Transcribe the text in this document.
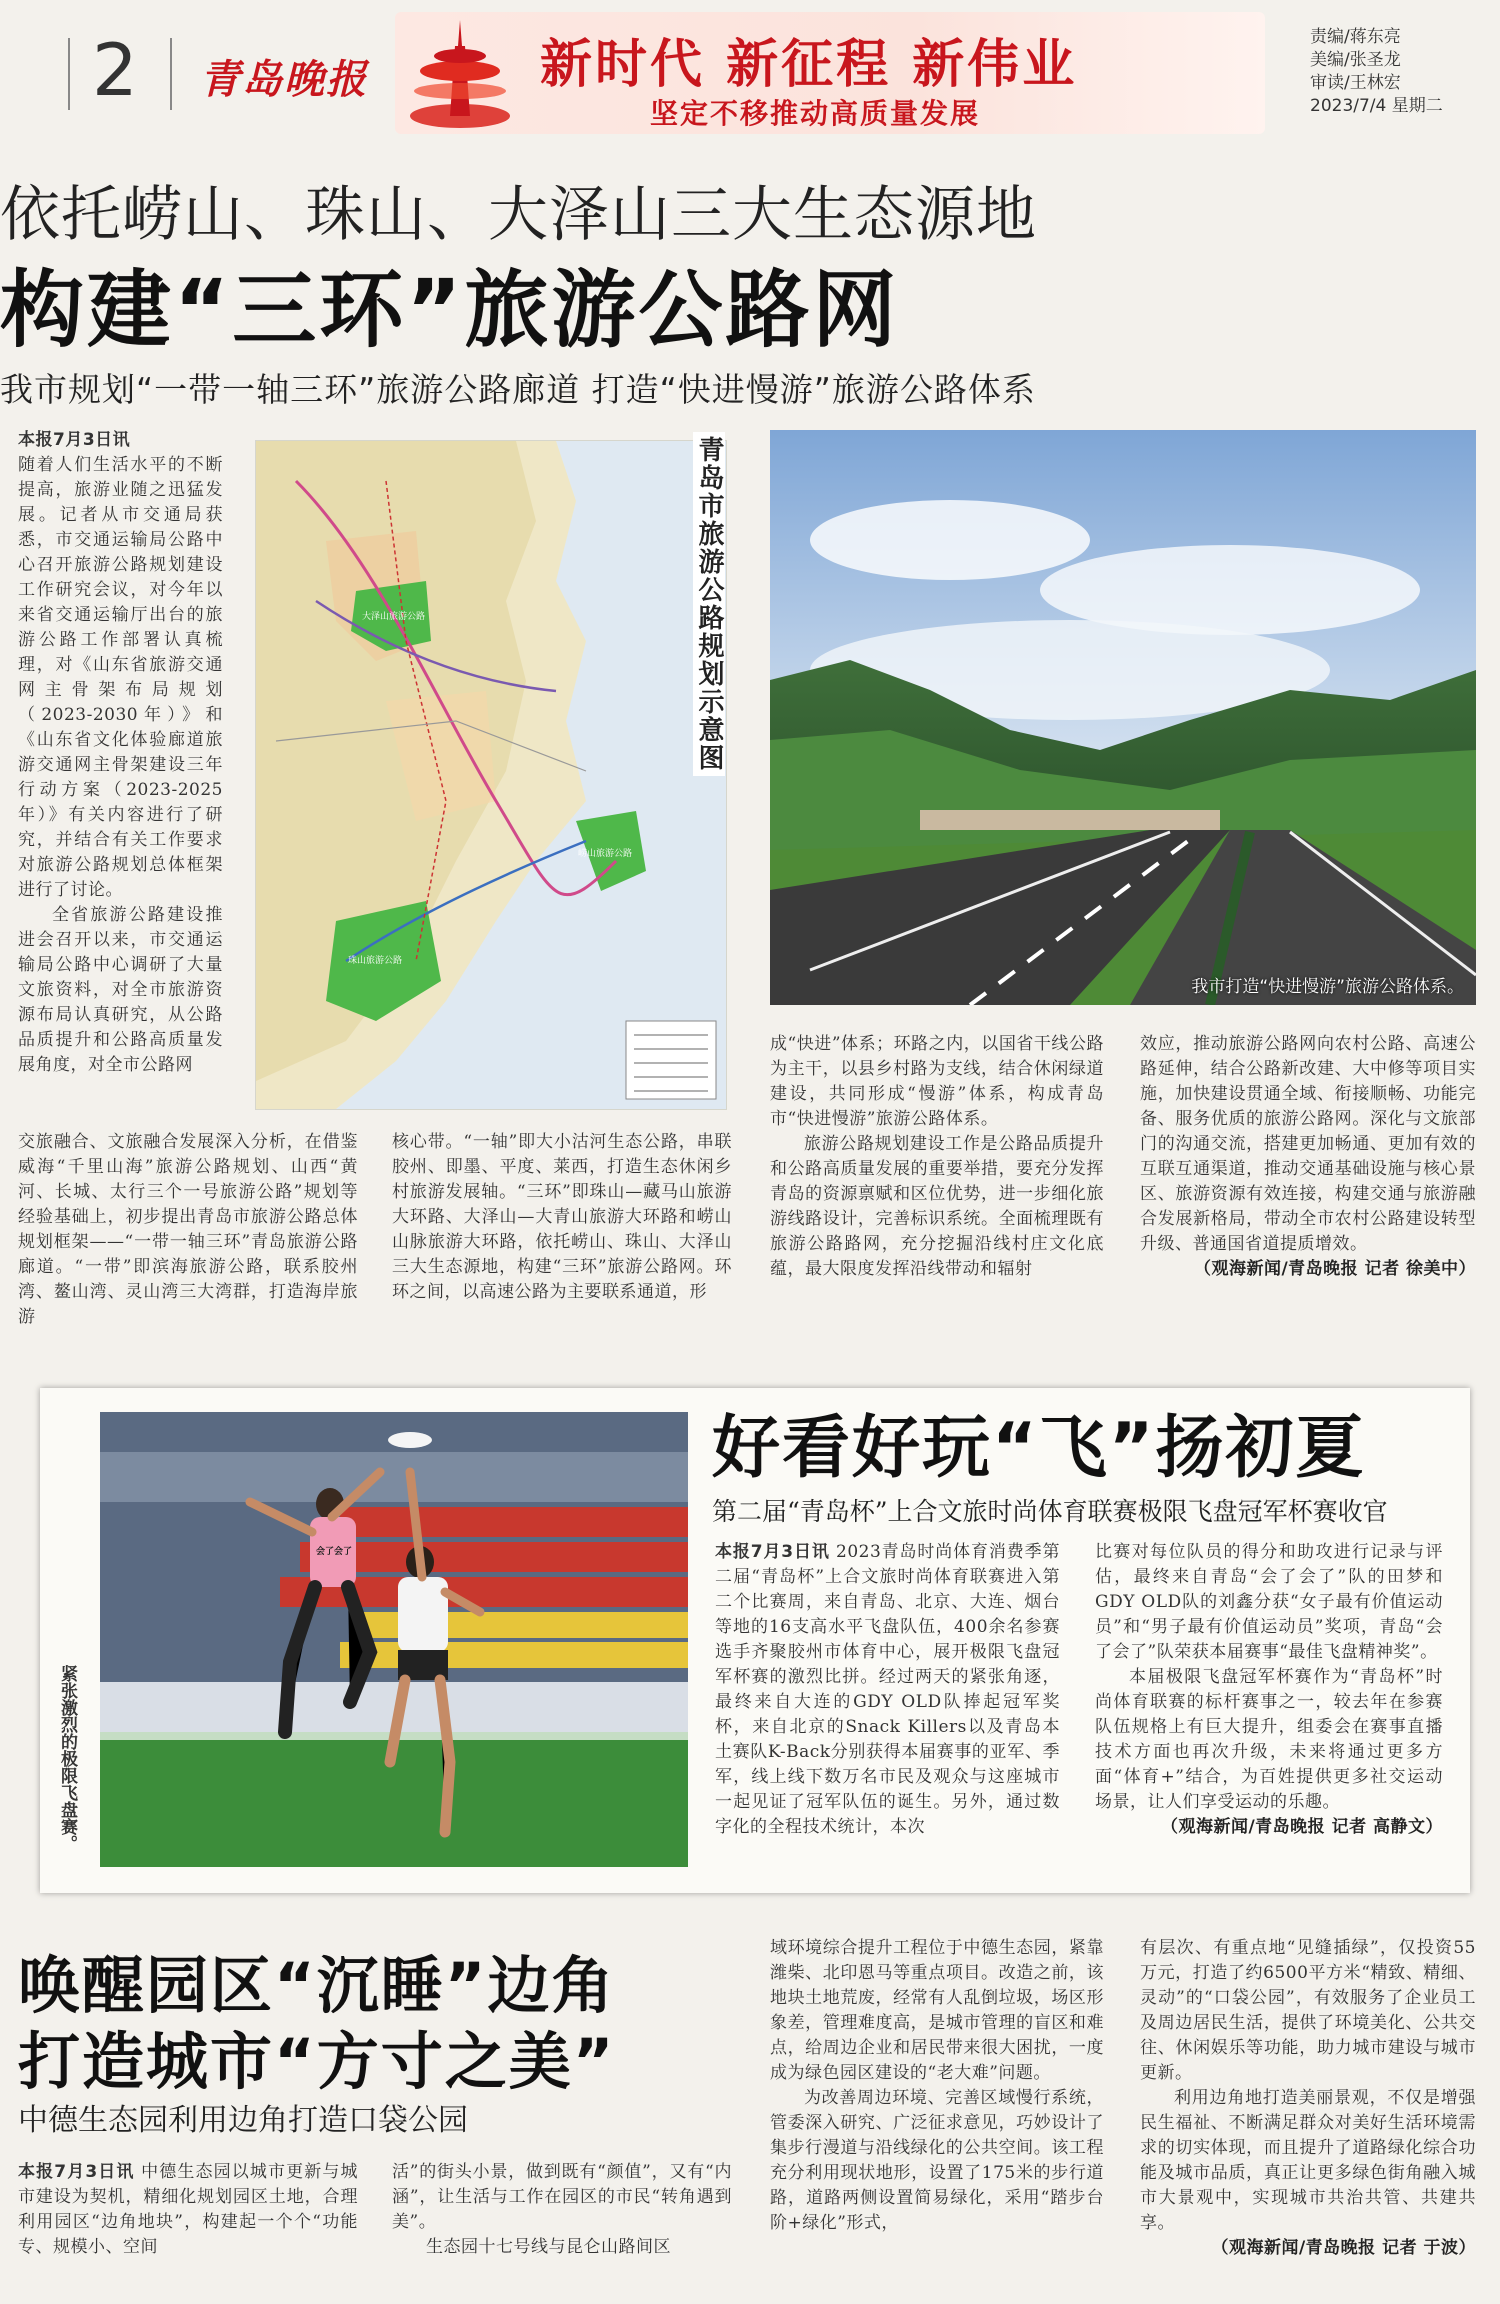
2 青岛晚报	新时代 新征程 新伟业
坚定不移推动高质量发展
责编/蒋东亮
美编/张圣龙
审读/王林宏
2023/7/4 星期二
依托崂山、珠山、大泽山三大生态源地
构建“三环”旅游公路网
我市规划“一带一轴三环”旅游公路廊道 打造“快进慢游”旅游公路体系

本报7月3日讯

随着人们生活水平的不断提高，旅游业随之迅猛发展。记者从市交通局获悉，市交通运输局公路中心召开旅游公路规划建设工作研究会议，对今年以来省交通运输厅出台的旅游公路工作部署认真梳理，对《山东省旅游交通网主骨架布局规划（2023-2030年）》和《山东省文化体验廊道旅游交通网主骨架建设三年行动方案（2023-2025年）》有关内容进行了研究，并结合有关工作要求对旅游公路规划总体框架进行了讨论。

全省旅游公路建设推进会召开以来，市交通运输局公路中心调研了大量文旅资料，对全市旅游资源布局认真研究，从公路品质提升和公路高质量发展角度，对全市公路网

大泽山旅游公路
崂山旅游公路
珠山旅游公路
青岛市旅游公路规划示意图
我市打造“快进慢游”旅游公路体系。
交旅融合、文旅融合发展深入分析，在借鉴威海“千里山海”旅游公路规划、山西“黄河、长城、太行三个一号旅游公路”规划等经验基础上，初步提出青岛市旅游公路总体规划框架——“一带一轴三环”青岛旅游公路廊道。“一带”即滨海旅游公路，联系胶州湾、鳌山湾、灵山湾三大湾群，打造海岸旅游
核心带。“一轴”即大小沽河生态公路，串联胶州、即墨、平度、莱西，打造生态休闲乡村旅游发展轴。“三环”即珠山—藏马山旅游大环路、大泽山—大青山旅游大环路和崂山山脉旅游大环路，依托崂山、珠山、大泽山三大生态源地，构建“三环”旅游公路网。环环之间，以高速公路为主要联系通道，形

成“快进”体系；环路之内，以国省干线公路为主干，以县乡村路为支线，结合休闲绿道建设，共同形成“慢游”体系，构成青岛市“快进慢游”旅游公路体系。

旅游公路规划建设工作是公路品质提升和公路高质量发展的重要举措，要充分发挥青岛的资源禀赋和区位优势，进一步细化旅游线路设计，完善标识系统。全面梳理既有旅游公路路网，充分挖掘沿线村庄文化底蕴，最大限度发挥沿线带动和辐射

效应，推动旅游公路网向农村公路、高速公路延伸，结合公路新改建、大中修等项目实施，加快建设贯通全域、衔接顺畅、功能完备、服务优质的旅游公路网。深化与文旅部门的沟通交流，搭建更加畅通、更加有效的互联互通渠道，推动交通基础设施与核心景区、旅游资源有效连接，构建交通与旅游融合发展新格局，带动全市农村公路建设转型升级、普通国省道提质增效。

（观海新闻/青岛晚报 记者 徐美中）

紧张激烈的极限飞盘赛。
会了会了
好看好玩“飞”扬初夏
第二届“青岛杯”上合文旅时尚体育联赛极限飞盘冠军杯赛收官

本报7月3日讯 2023青岛时尚体育消费季第二届“青岛杯”上合文旅时尚体育联赛进入第二个比赛周，来自青岛、北京、大连、烟台等地的16支高水平飞盘队伍，400余名参赛选手齐聚胶州市体育中心，展开极限飞盘冠军杯赛的激烈比拼。经过两天的紧张角逐，最终来自大连的GDY OLD队捧起冠军奖杯，来自北京的Snack Killers以及青岛本土赛队K-Back分别获得本届赛事的亚军、季军，线上线下数万名市民及观众与这座城市一起见证了冠军队伍的诞生。另外，通过数字化的全程技术统计，本次

比赛对每位队员的得分和助攻进行记录与评估，最终来自青岛“会了会了”队的田梦和GDY OLD队的刘鑫分获“女子最有价值运动员”和“男子最有价值运动员”奖项，青岛“会了会了”队荣获本届赛事“最佳飞盘精神奖”。

本届极限飞盘冠军杯赛作为“青岛杯”时尚体育联赛的标杆赛事之一，较去年在参赛队伍规格上有巨大提升，组委会在赛事直播技术方面也再次升级，未来将通过更多方面“体育+”结合，为百姓提供更多社交运动场景，让人们享受运动的乐趣。

（观海新闻/青岛晚报 记者 高静文）

唤醒园区“沉睡”边角
打造城市“方寸之美”
中德生态园利用边角打造口袋公园

本报7月3日讯 中德生态园以城市更新与城市建设为契机，精细化规划园区土地，合理利用园区“边角地块”，构建起一个个“功能专、规模小、空间

活”的街头小景，做到既有“颜值”，又有“内涵”，让生活与工作在园区的市民“转角遇到美”。

生态园十七号线与昆仑山路间区

域环境综合提升工程位于中德生态园，紧靠潍柴、北印恩马等重点项目。改造之前，该地块土地荒废，经常有人乱倒垃圾，场区形象差，管理难度高，是城市管理的盲区和难点，给周边企业和居民带来很大困扰，一度成为绿色园区建设的“老大难”问题。

为改善周边环境、完善区域慢行系统，管委深入研究、广泛征求意见，巧妙设计了集步行漫道与沿线绿化的公共空间。该工程充分利用现状地形，设置了175米的步行道路，道路两侧设置简易绿化，采用“踏步台阶+绿化”形式，

有层次、有重点地“见缝插绿”，仅投资55万元，打造了约6500平方米“精致、精细、灵动”的“口袋公园”，有效服务了企业员工及周边居民生活，提供了环境美化、公共交往、休闲娱乐等功能，助力城市建设与城市更新。

利用边角地打造美丽景观，不仅是增强民生福祉、不断满足群众对美好生活环境需求的切实体现，而且提升了道路绿化综合功能及城市品质，真正让更多绿色街角融入城市大景观中，实现城市共治共管、共建共享。

（观海新闻/青岛晚报 记者 于波）
